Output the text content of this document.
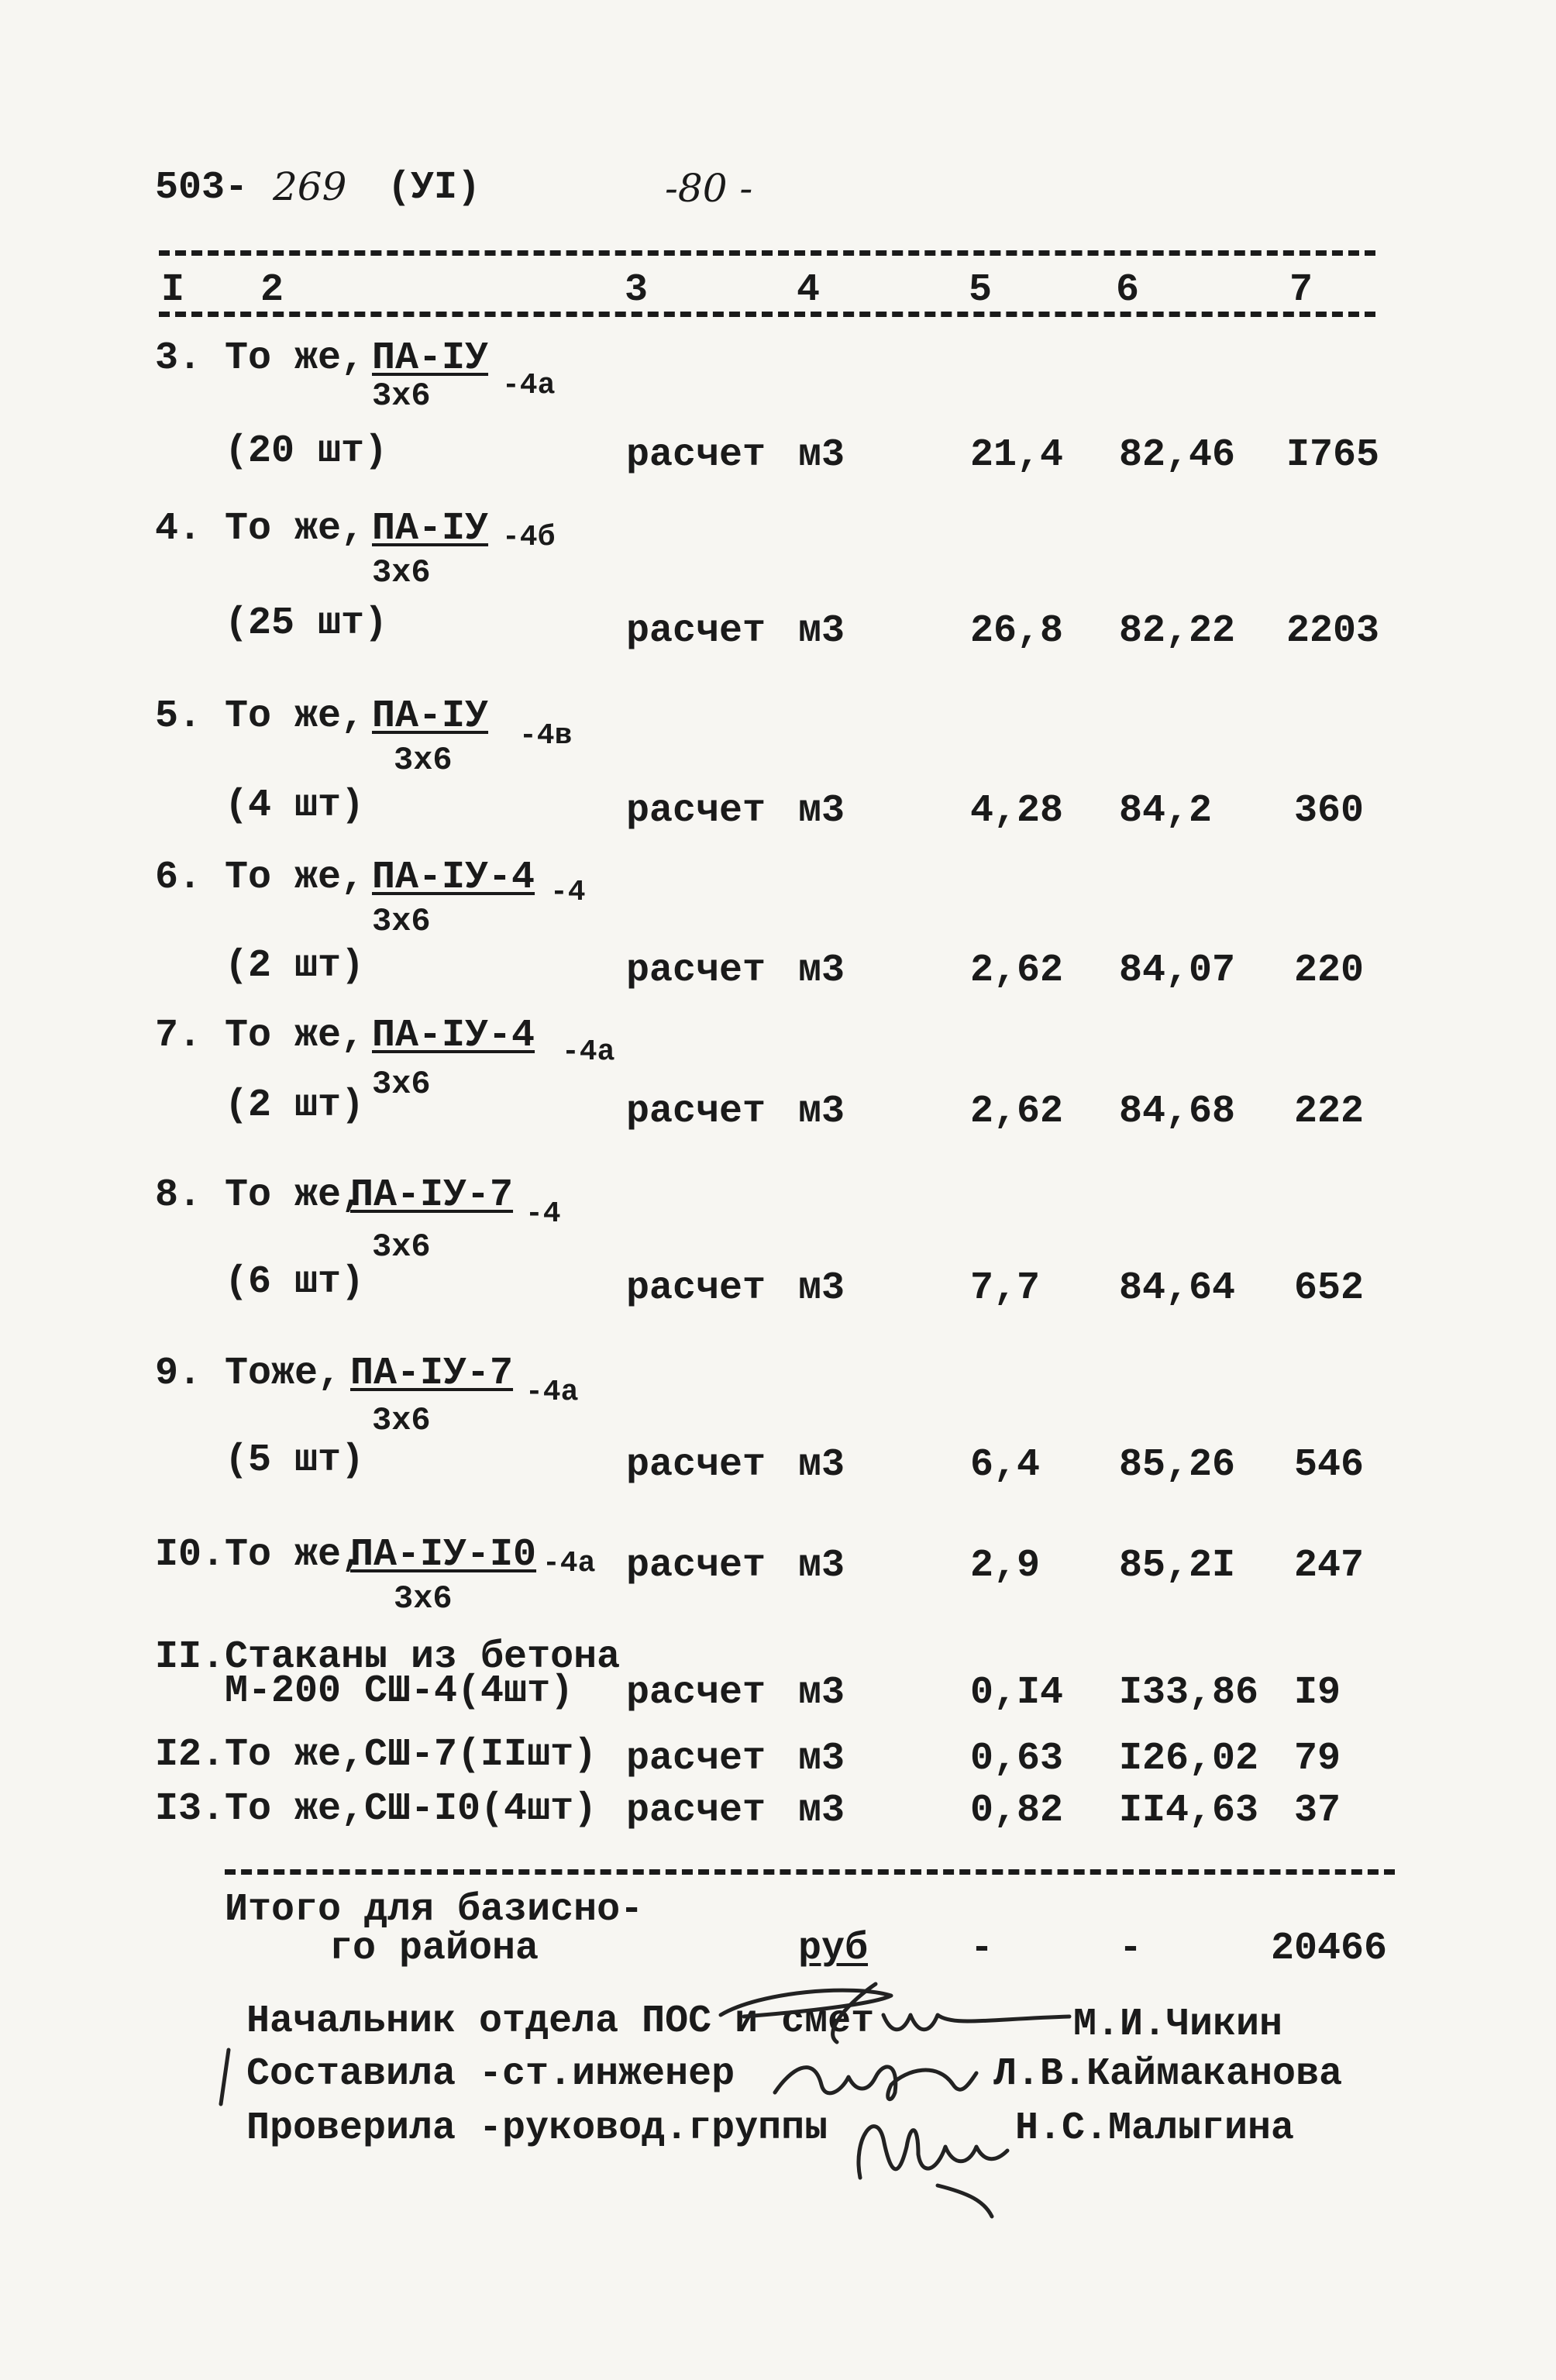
503- 269 (УI)	-80 -
I 2	3	4	5	6	7
3. То же, ПА-IУ
3х6 -4а
(20 шт)	расчет м3	21,4 82,46 I765
4. То же, ПА-IУ
3х6
-4б
(25 шт)	расчет м3	26,8 82,22 2203
5. То же, ПА-IУ
3х6
-4в
(4 шт)	расчет м3	4,28 84,2 360
6. То же, ПА-IУ-4
3х6
-4
(2 шт)	расчет м3	2,62 84,07 220
7. То же, ПА-IУ-4
3х6
-4а
(2 шт)	расчет м3	2,62 84,68 222
8. То же,
ПА-IУ-7
3х6
-4
(6 шт)	расчет м3	7,7 84,64 652
9. Тоже, ПА-IУ-7
3х6
-4а
(5 шт)	расчет м3	6,4 85,26 546
I0. То же,
ПА-IУ-I0
3х6
-4а расчет м3	2,9 85,2I 247
II. Стаканы из бетона
М-200 СШ-4(4шт) расчет м3	0,I4 I33,86 I9
I2. То же,СШ-7(IIшт) расчет м3	0,63 I26,02 79
I3. То же,СШ-I0(4шт) расчет м3	0,82 II4,63 37
Итого для базисно-
го района	руб	-	-	20466
Начальник отдела ПОС и смет	М.И.Чикин
Составила -ст.инженер	Л.В.Каймаканова
Проверила -руковод.группы	Н.С.Малыгина
